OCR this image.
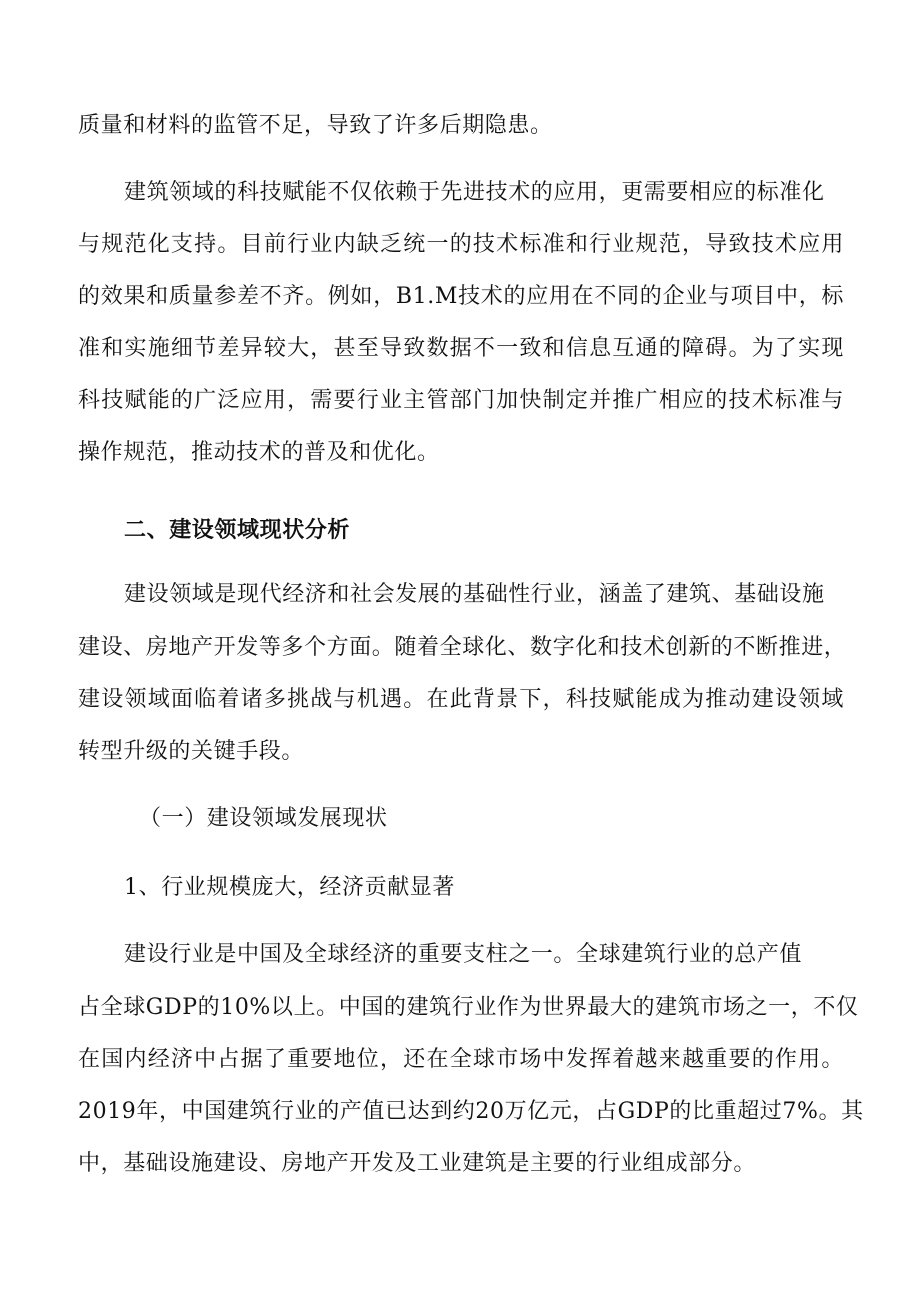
质量和材料的监管不足，导致了许多后期隐患。
建筑领域的科技赋能不仅依赖于先进技术的应用，更需要相应的标准化
与规范化支持。目前行业内缺乏统一的技术标准和行业规范，导致技术应用
的效果和质量参差不齐。例如，B1.M技术的应用在不同的企业与项目中，标
准和实施细节差异较大，甚至导致数据不一致和信息互通的障碍。为了实现
科技赋能的广泛应用，需要行业主管部门加快制定并推广相应的技术标准与
操作规范，推动技术的普及和优化。
二、建设领域现状分析
建设领域是现代经济和社会发展的基础性行业，涵盖了建筑、基础设施
建设、房地产开发等多个方面。随着全球化、数字化和技术创新的不断推进，
建设领域面临着诸多挑战与机遇。在此背景下，科技赋能成为推动建设领域
转型升级的关键手段。
（一）建设领域发展现状
1、行业规模庞大，经济贡献显著
建设行业是中国及全球经济的重要支柱之一。全球建筑行业的总产值
占全球GDP的10%以上。中国的建筑行业作为世界最大的建筑市场之一，不仅
在国内经济中占据了重要地位，还在全球市场中发挥着越来越重要的作用。
2019年，中国建筑行业的产值已达到约20万亿元，占GDP的比重超过7%。其
中，基础设施建设、房地产开发及工业建筑是主要的行业组成部分。
